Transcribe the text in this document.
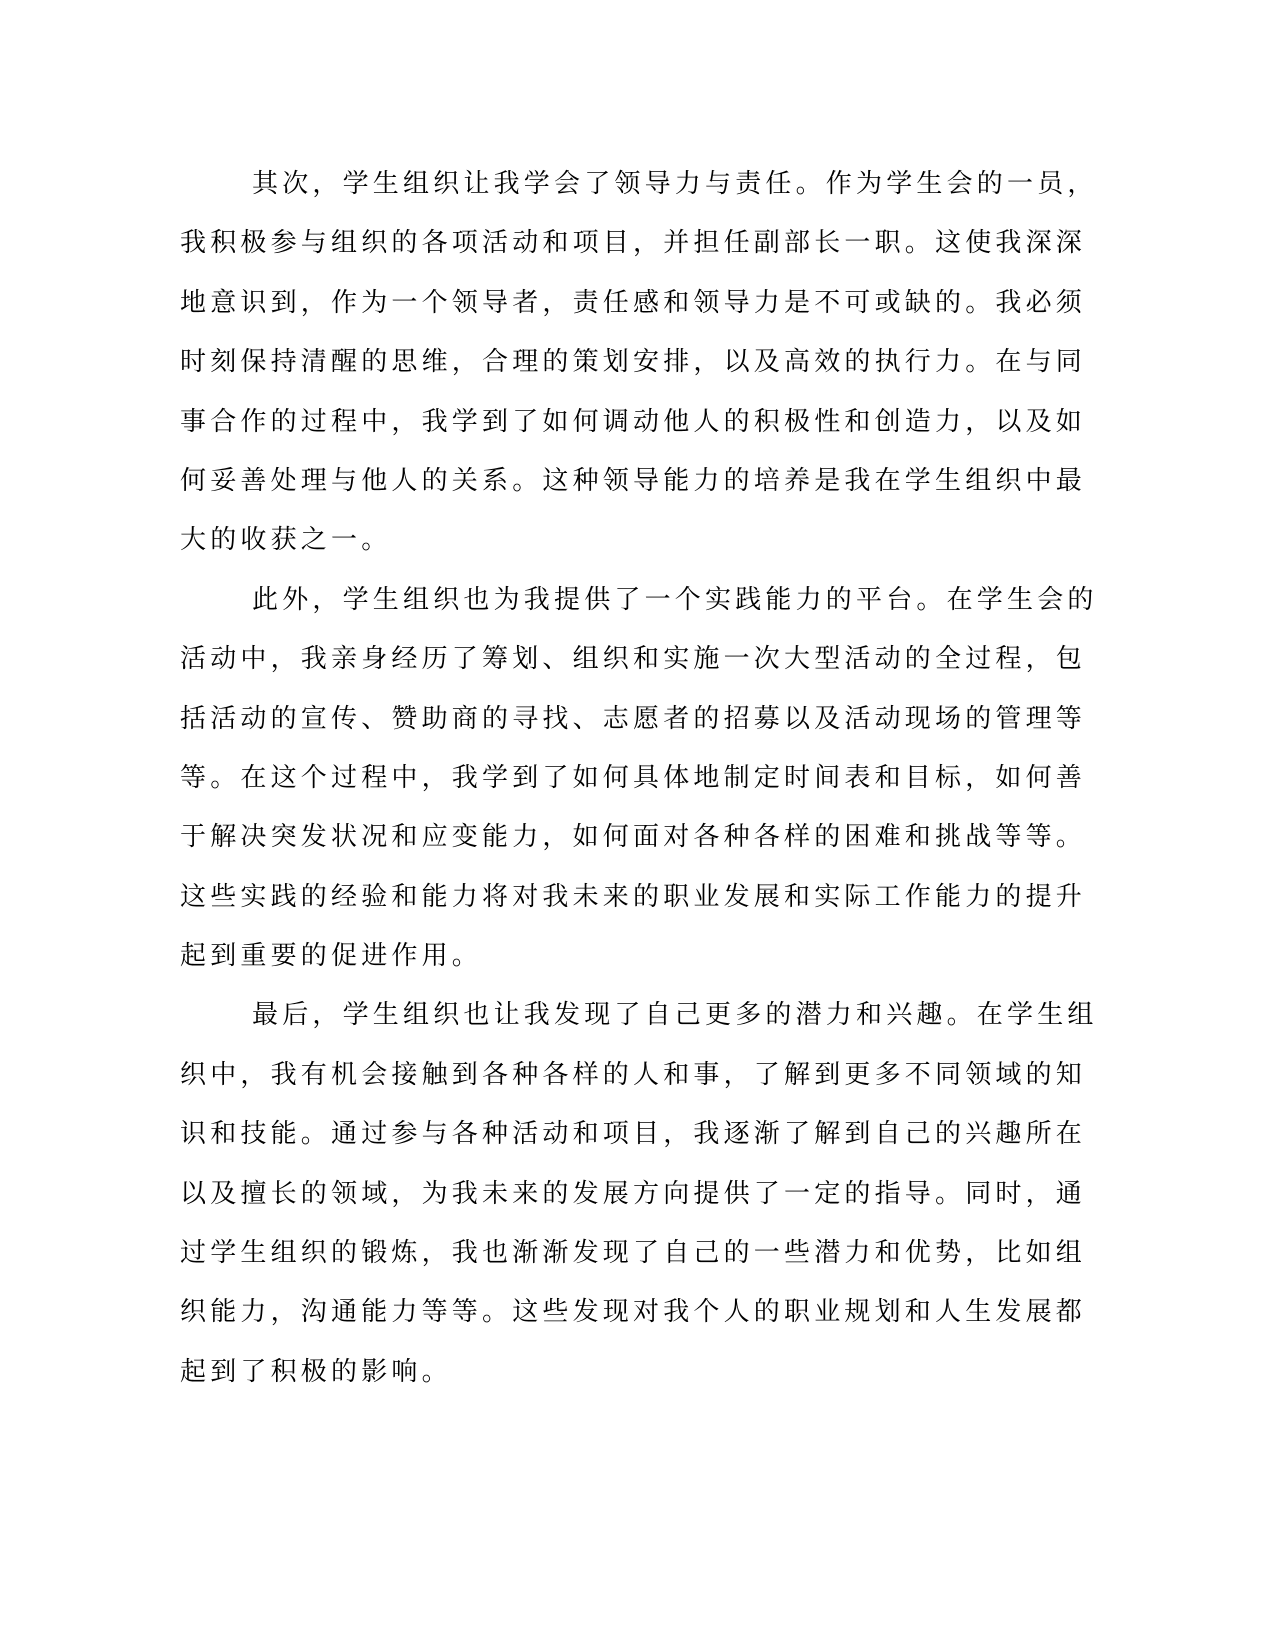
其次，学生组织让我学会了领导力与责任。作为学生会的一员，
我积极参与组织的各项活动和项目，并担任副部长一职。这使我深深
地意识到，作为一个领导者，责任感和领导力是不可或缺的。我必须
时刻保持清醒的思维，合理的策划安排，以及高效的执行力。在与同
事合作的过程中，我学到了如何调动他人的积极性和创造力，以及如
何妥善处理与他人的关系。这种领导能力的培养是我在学生组织中最
大的收获之一。

此外，学生组织也为我提供了一个实践能力的平台。在学生会的
活动中，我亲身经历了筹划、组织和实施一次大型活动的全过程，包
括活动的宣传、赞助商的寻找、志愿者的招募以及活动现场的管理等
等。在这个过程中，我学到了如何具体地制定时间表和目标，如何善
于解决突发状况和应变能力，如何面对各种各样的困难和挑战等等。
这些实践的经验和能力将对我未来的职业发展和实际工作能力的提升
起到重要的促进作用。

最后，学生组织也让我发现了自己更多的潜力和兴趣。在学生组
织中，我有机会接触到各种各样的人和事，了解到更多不同领域的知
识和技能。通过参与各种活动和项目，我逐渐了解到自己的兴趣所在
以及擅长的领域，为我未来的发展方向提供了一定的指导。同时，通
过学生组织的锻炼，我也渐渐发现了自己的一些潜力和优势，比如组
织能力，沟通能力等等。这些发现对我个人的职业规划和人生发展都
起到了积极的影响。
